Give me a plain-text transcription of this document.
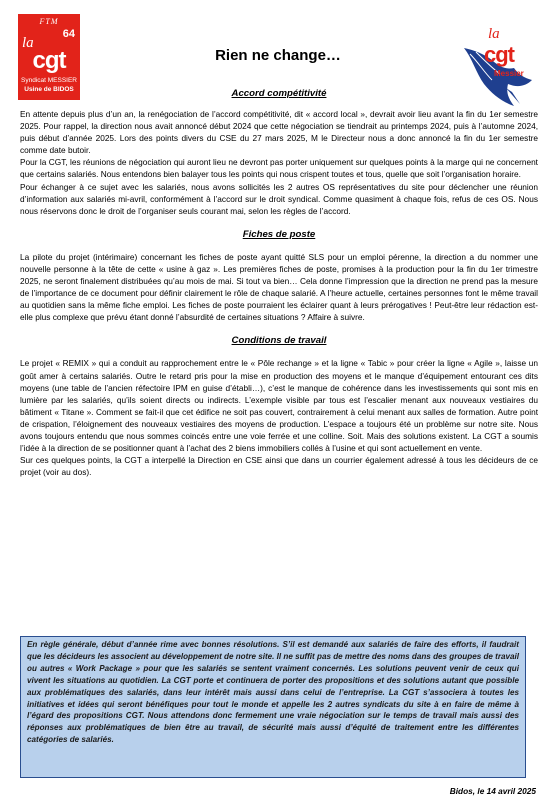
FTM
64
la
cgt
Syndicat MESSIER
Usine de BIDOS
Rien ne change…
la
cgt
Messier
Accord compétitivité

En attente depuis plus d’un an, la renégociation de l’accord compétitivité, dit « accord local », devrait avoir lieu avant la fin du 1er semestre 2025. Pour rappel, la direction nous avait annoncé début 2024 que cette négociation se tiendrait au printemps 2024, puis à l’automne 2024, puis début d’année 2025. Lors des points divers du CSE du 27 mars 2025, M le Directeur nous a donc annoncé la fin du 1er semestre comme date butoir.

Pour la CGT, les réunions de négociation qui auront lieu ne devront pas porter uniquement sur quelques points à la marge qui ne concernent que certains salariés. Nous entendons bien balayer tous les points qui nous crispent toutes et tous, quelle que soit l’organisation horaire.

Pour échanger à ce sujet avec les salariés, nous avons sollicités les 2 autres OS représentatives du site pour déclencher une réunion d’information aux salariés mi-avril, conformément à l’accord sur le droit syndical. Comme quasiment à chaque fois, refus de ces OS. Nous nous réservons donc le droit de l’organiser seuls courant mai, selon les règles de l’accord.

Fiches de poste

La pilote du projet (intérimaire) concernant les fiches de poste ayant quitté SLS pour un emploi pérenne, la direction a du nommer une nouvelle personne à la tête de cette « usine à gaz ». Les premières fiches de poste, promises à la production pour la fin du 1er trimestre 2025, ne seront finalement distribuées qu’au mois de mai. Si tout va bien… Cela donne l’impression que la direction ne prend pas la mesure de l’importance de ce document pour définir clairement le rôle de chaque salarié. A l’heure actuelle, certaines personnes font le même travail au quotidien sans la même fiche emploi. Les fiches de poste pourraient les éclairer quant à leurs prérogatives ! Peut-être leur rédaction est-elle plus complexe que prévu étant donné l’absurdité de certaines situations ? Affaire à suivre.

Conditions de travail

Le projet « REMIX » qui a conduit au rapprochement entre le « Pôle rechange » et la ligne « Tabic » pour créer la ligne « Agile », laisse un goût amer à certains salariés. Outre le retard pris pour la mise en production des moyens et le manque d’équipement entourant ces dits moyens (une table de l’ancien réfectoire IPM en guise d’établi…), c’est le manque de cohérence dans les investissements qui sont mis en lumière par les salariés, qu’ils soient directs ou indirects. L’exemple visible par tous est l’escalier menant aux nouveaux vestiaires du bâtiment « Titane ». Comment se fait-il que cet édifice ne soit pas couvert, contrairement à celui menant aux salles de formation. Autre point de crispation, l’éloignement des nouveaux vestiaires des moyens de production. L’espace a toujours été un problème sur notre site. Nous avons toujours entendu que nous sommes coincés entre une voie ferrée et une colline. Soit. Mais des solutions existent. La CGT a soumis l’idée à la direction de se positionner quant à l’achat des 2 biens immobiliers collés à l’usine et qui sont actuellement en vente.

Sur ces quelques points, la CGT a interpellé la Direction en CSE ainsi que dans un courrier également adressé à tous les décideurs de ce projet (voir au dos).

En règle générale, début d’année rime avec bonnes résolutions. S’il est demandé aux salariés de faire des efforts, il faudrait que les décideurs les associent au développement de notre site. Il ne suffit pas de mettre des noms dans des groupes de travail ou autres « Work Package » pour que les salariés se sentent vraiment concernés. Les solutions peuvent venir de ceux qui vivent les situations au quotidien. La CGT porte et continuera de porter des propositions et des solutions autant que possible aux problématiques des salariés, dans leur intérêt mais aussi dans celui de l’entreprise. La CGT s’associera à toutes les initiatives et idées qui seront bénéfiques pour tout le monde et appelle les 2 autres syndicats du site à en faire de même à l’égard des propositions CGT. Nous attendons donc fermement une vraie négociation sur le temps de travail mais aussi des réponses aux problématiques de bien être au travail, de sécurité mais aussi d’équité de traitement entre les différentes catégories de salariés.

Bidos, le 14 avril 2025
